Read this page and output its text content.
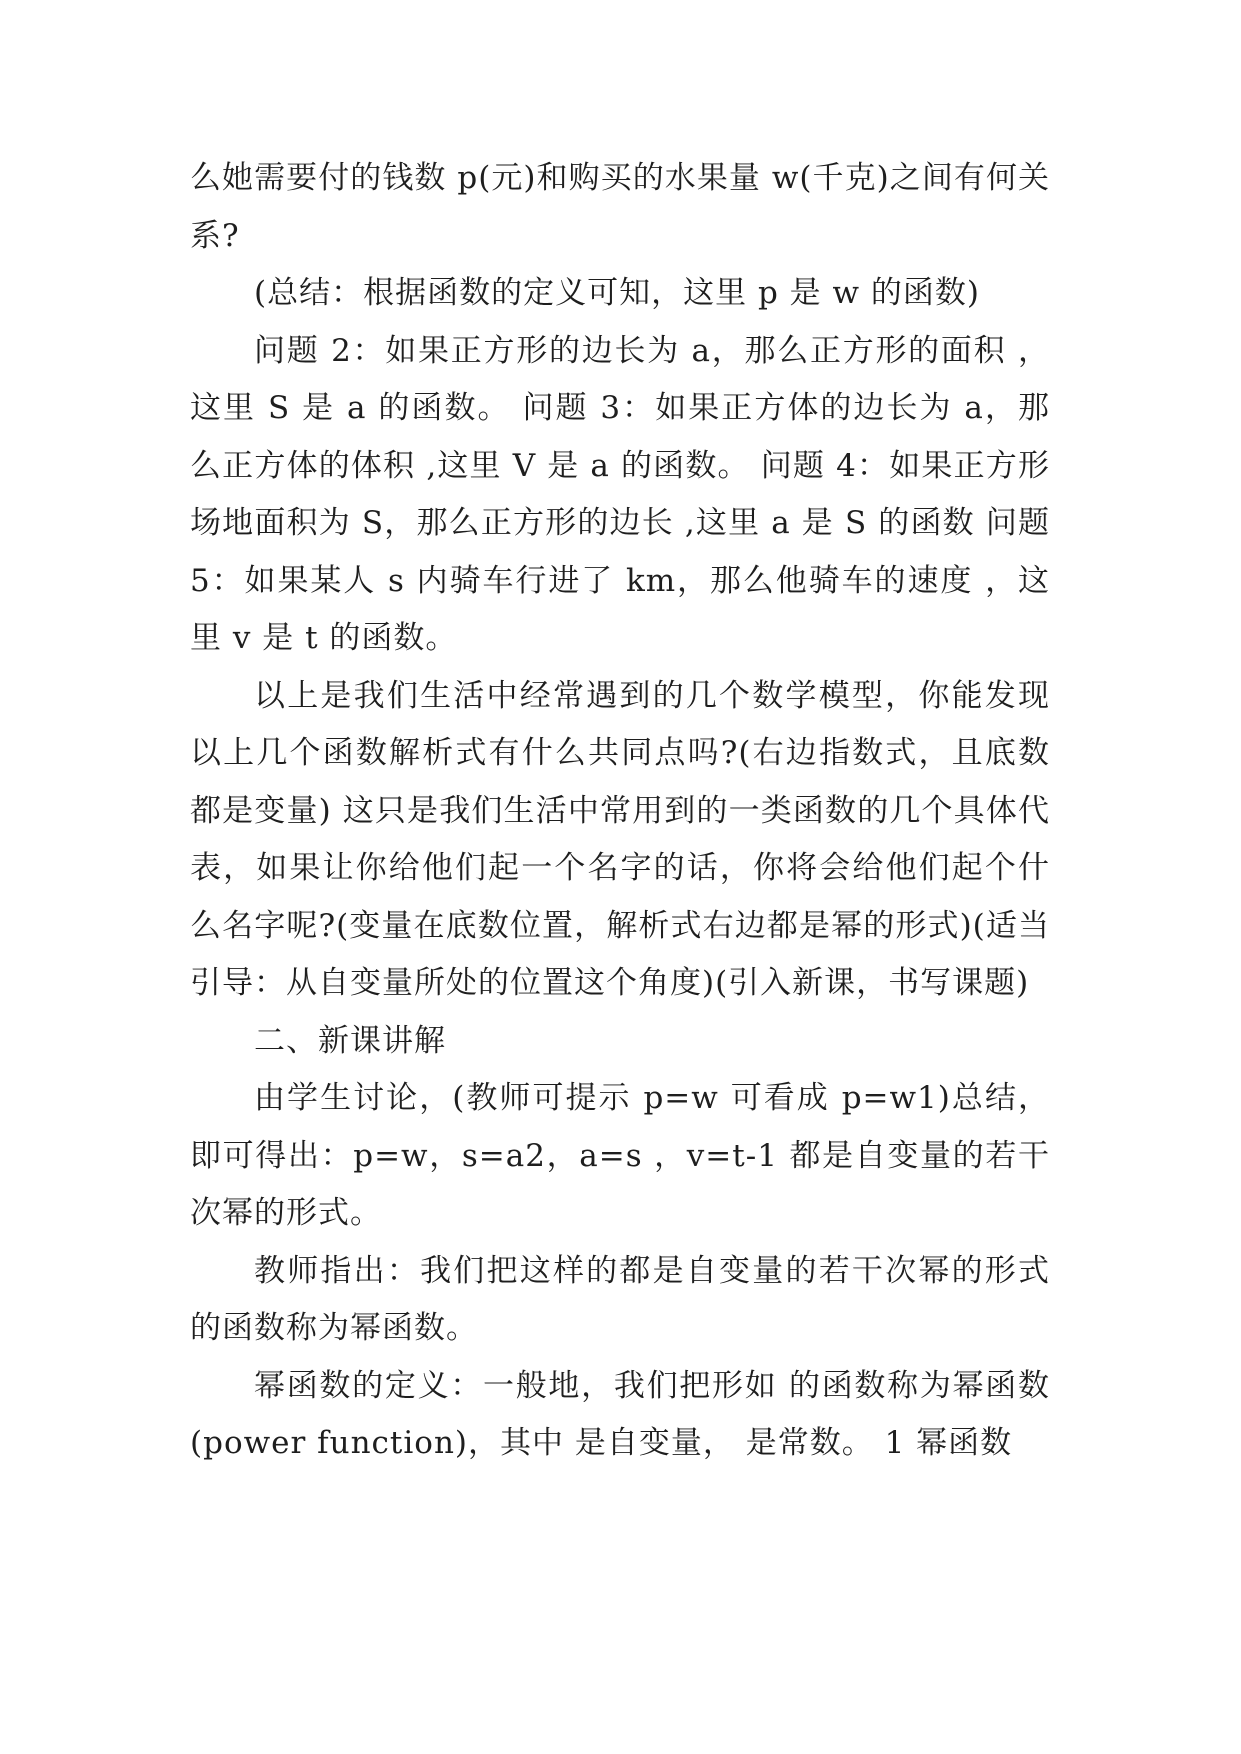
么她需要付的钱数 p(元)和购买的水果量 w(千克)之间有何关系?

(总结：根据函数的定义可知，这里 p 是 w 的函数)

问题 2：如果正方形的边长为 a，那么正方形的面积 ，这里 S 是 a 的函数。 问题 3：如果正方体的边长为 a，那么正方体的体积 ,这里 V 是 a 的函数。 问题 4：如果正方形场地面积为 S，那么正方形的边长 ,这里 a 是 S 的函数 问题 5：如果某人 s 内骑车行进了 km，那么他骑车的速度 ，这里 v 是 t 的函数。

以上是我们生活中经常遇到的几个数学模型，你能发现以上几个函数解析式有什么共同点吗?(右边指数式，且底数都是变量) 这只是我们生活中常用到的一类函数的几个具体代表，如果让你给他们起一个名字的话，你将会给他们起个什么名字呢?(变量在底数位置，解析式右边都是幂的形式)(适当引导：从自变量所处的位置这个角度)(引入新课，书写课题)

二、新课讲解

由学生讨论，(教师可提示 p=w 可看成 p=w1)总结，即可得出：p=w，s=a2，a=s ，v=t-1 都是自变量的若干次幂的形式。

教师指出：我们把这样的都是自变量的若干次幂的形式的函数称为幂函数。

幂函数的定义：一般地，我们把形如 的函数称为幂函数(power function)，其中 是自变量， 是常数。 1 幂函数
